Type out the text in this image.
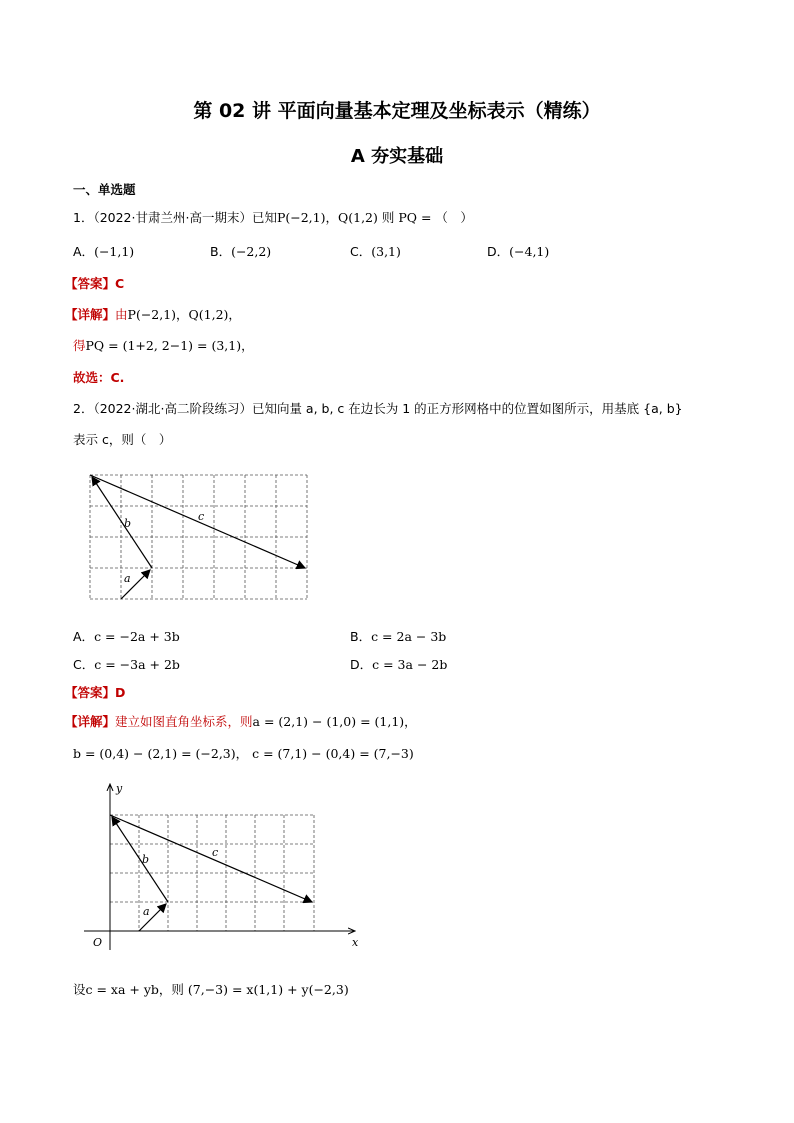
第 02 讲 平面向量基本定理及坐标表示（精练）
A 夯实基础
一、单选题
1．（2022·甘肃兰州·高一期末）已知P(−2,1)，Q(1,2) 则 PQ = （　）
A．(−1,1)	B．(−2,2)	C．(3,1)	D．(−4,1)
【答案】C
【详解】由P(−2,1)，Q(1,2)，
得PQ = (1+2, 2−1) = (3,1)，
故选：C.
2．（2022·湖北·高二阶段练习）已知向量 a, b, c 在边长为 1 的正方形网格中的位置如图所示，用基底 {a, b}
表示 c，则（　）
a
b
c
A．c = −2a + 3b	B．c = 2a − 3b
C．c = −3a + 2b	D．c = 3a − 2b
【答案】D
【详解】建立如图直角坐标系，则a = (2,1) − (1,0) = (1,1)，
b = (0,4) − (2,1) = (−2,3)， c = (7,1) − (0,4) = (7,−3)
a
b
c
x
y
O
设c = xa + yb，则 (7,−3) = x(1,1) + y(−2,3)
